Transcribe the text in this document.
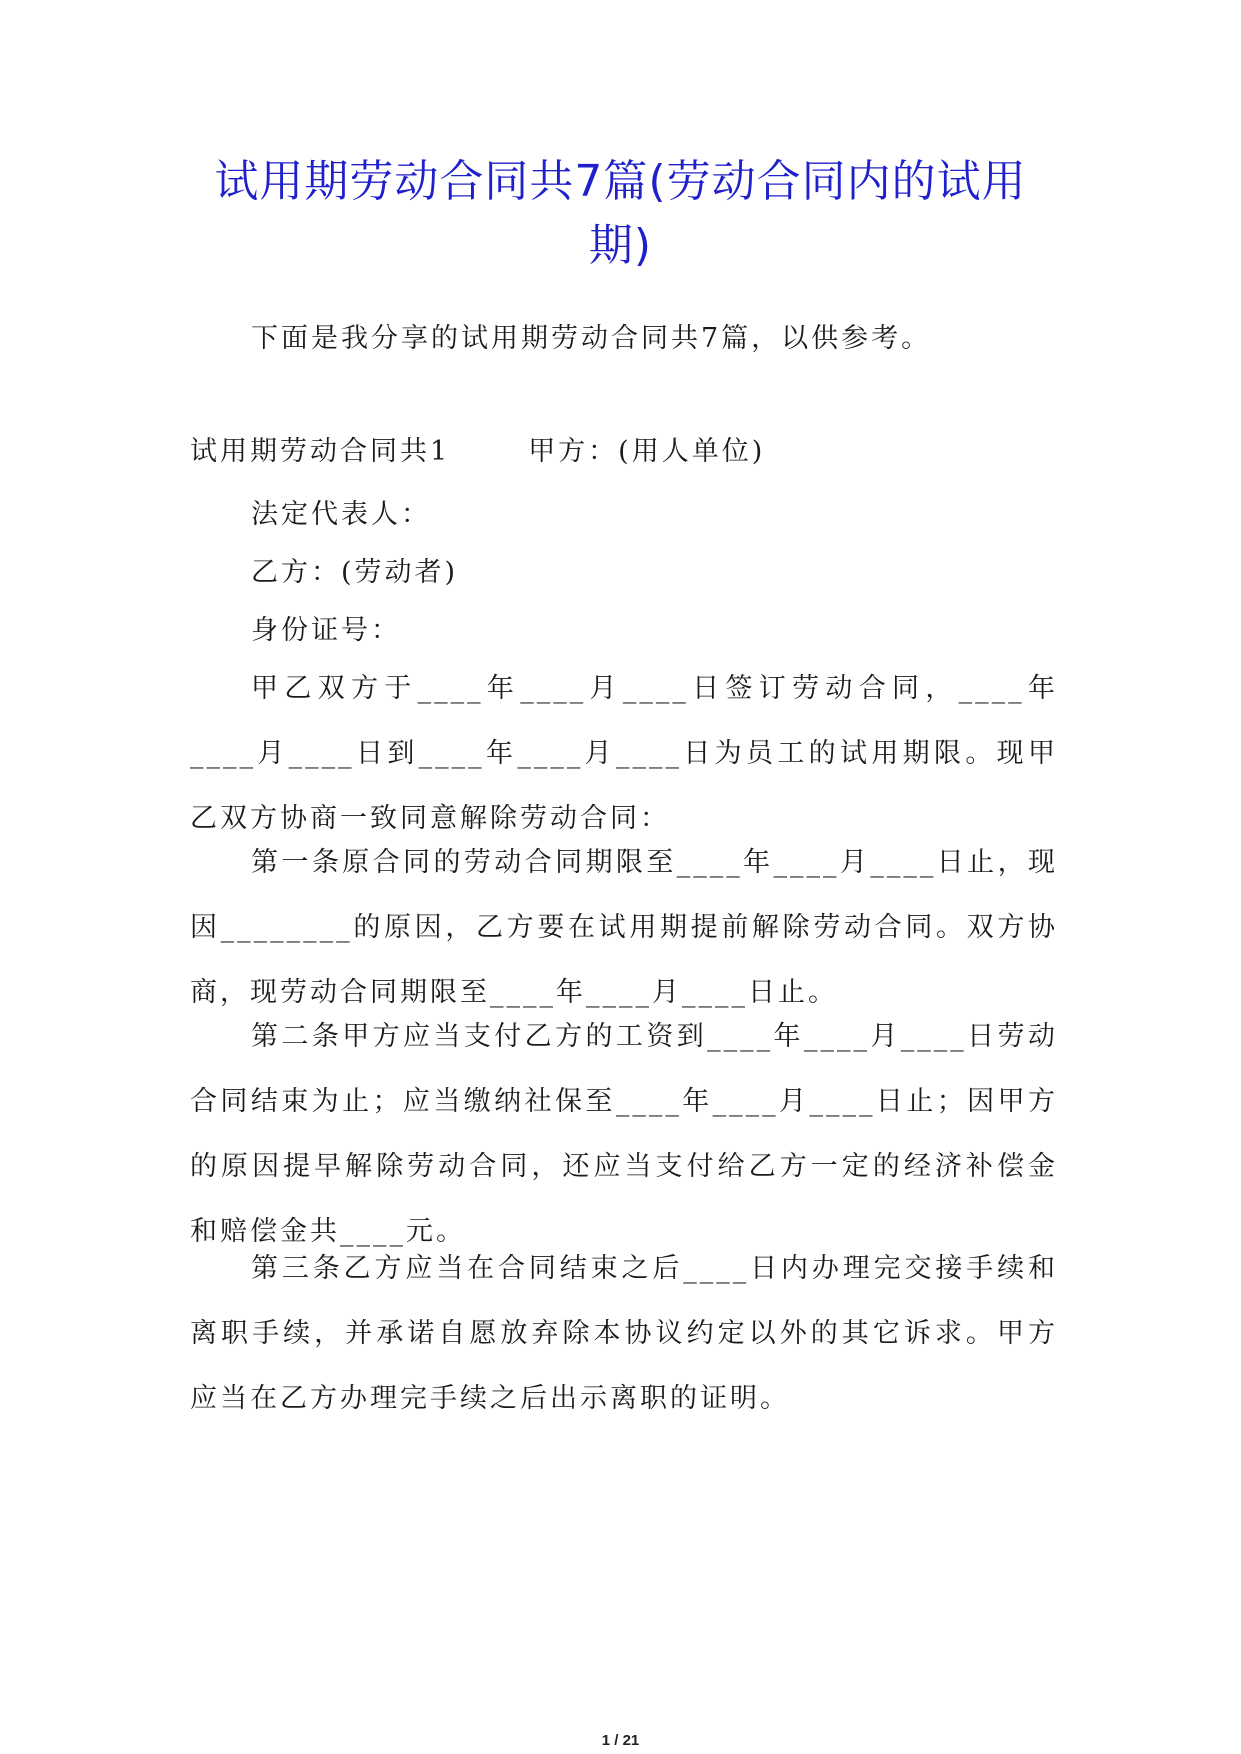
试用期劳动合同共7篇(劳动合同内的试用期)

下面是我分享的试用期劳动合同共7篇，以供参考。

试用期劳动合同共1	甲方：(用人单位)

法定代表人：

乙方：(劳动者)

身份证号：

甲乙双方于____年____月____日签订劳动合同，____年____月____日到____年____月____日为员工的试用期限。现甲乙双方协商一致同意解除劳动合同：

第一条原合同的劳动合同期限至____年____月____日止，现因________的原因，乙方要在试用期提前解除劳动合同。双方协商，现劳动合同期限至____年____月____日止。

第二条甲方应当支付乙方的工资到____年____月____日劳动合同结束为止；应当缴纳社保至____年____月____日止；因甲方的原因提早解除劳动合同，还应当支付给乙方一定的经济补偿金和赔偿金共____元。

第三条乙方应当在合同结束之后____日内办理完交接手续和离职手续，并承诺自愿放弃除本协议约定以外的其它诉求。甲方应当在乙方办理完手续之后出示离职的证明。

1 / 21
